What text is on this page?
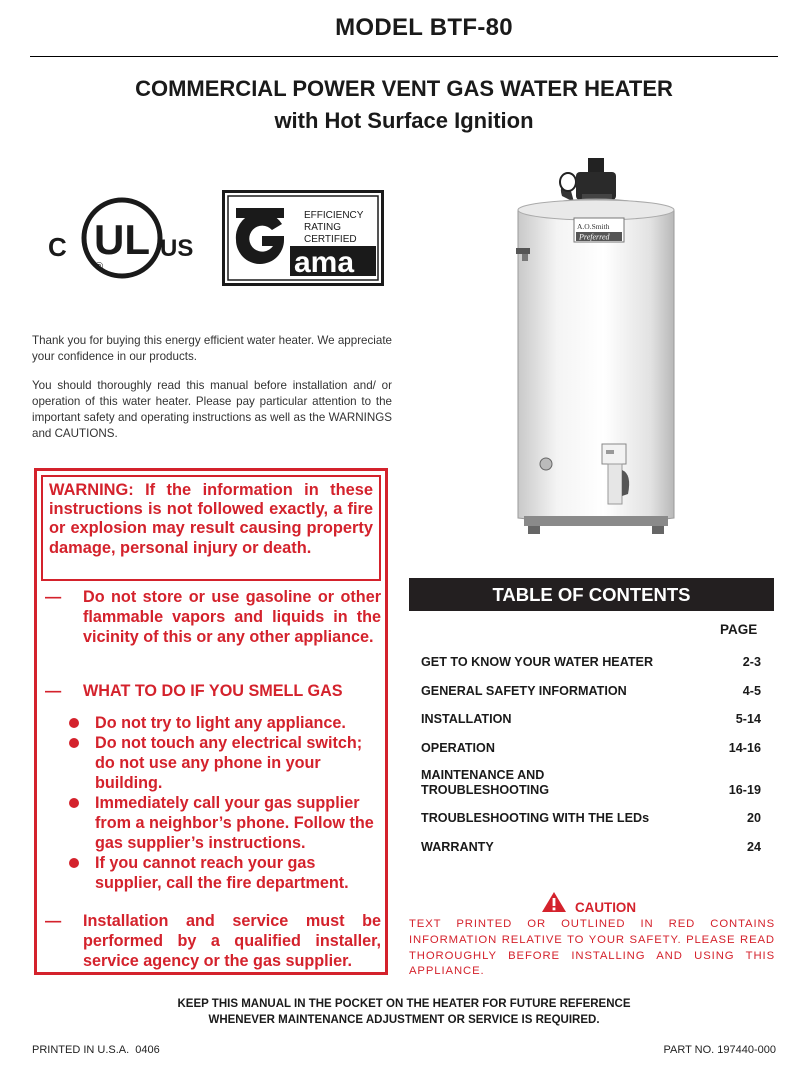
MODEL BTF-80
COMMERCIAL POWER VENT GAS WATER HEATER
with Hot Surface Ignition
C UL
®
US
EFFICIENCY
RATING
CERTIFIED
ama
Thank you for buying this energy efficient water heater. We appreciate your confidence in our products.
You should thoroughly read this manual before installation and/ or operation of this water heater. Please pay particular attention to the important safety and operating instructions as well as the WARNINGS and CAUTIONS.
A.O.Smith
Preferred
WARNING: If the information in these instructions is not followed exactly, a fire or explosion may result causing property damage, personal injury or death.
— Do not store or use gasoline or other flammable vapors and liquids in the vicinity of this or any other appliance.
— WHAT TO DO IF YOU SMELL GAS
Do not try to light any appliance.
Do not touch any electrical switch; do not use any phone in your building.
Immediately call your gas supplier from a neighbor’s phone. Follow the gas supplier’s instructions.
If you cannot reach your gas supplier, call the fire department.
— Installation and service must be performed by a qualified installer, service agency or the gas supplier.
TABLE OF CONTENTS
PAGE
GET TO KNOW YOUR WATER HEATER	2-3
GENERAL SAFETY INFORMATION	4-5
INSTALLATION	5-14
OPERATION	14-16
MAINTENANCE AND TROUBLESHOOTING	16-19
TROUBLESHOOTING WITH THE LEDs	20
WARRANTY	24
CAUTION
TEXT PRINTED OR OUTLINED IN RED CONTAINS INFORMATION RELATIVE TO YOUR SAFETY. PLEASE READ THOROUGHLY BEFORE INSTALLING AND USING THIS APPLIANCE.
KEEP THIS MANUAL IN THE POCKET ON THE HEATER FOR FUTURE REFERENCE
WHENEVER MAINTENANCE ADJUSTMENT OR SERVICE IS REQUIRED.
PRINTED IN U.S.A.  0406	PART NO. 197440-000
